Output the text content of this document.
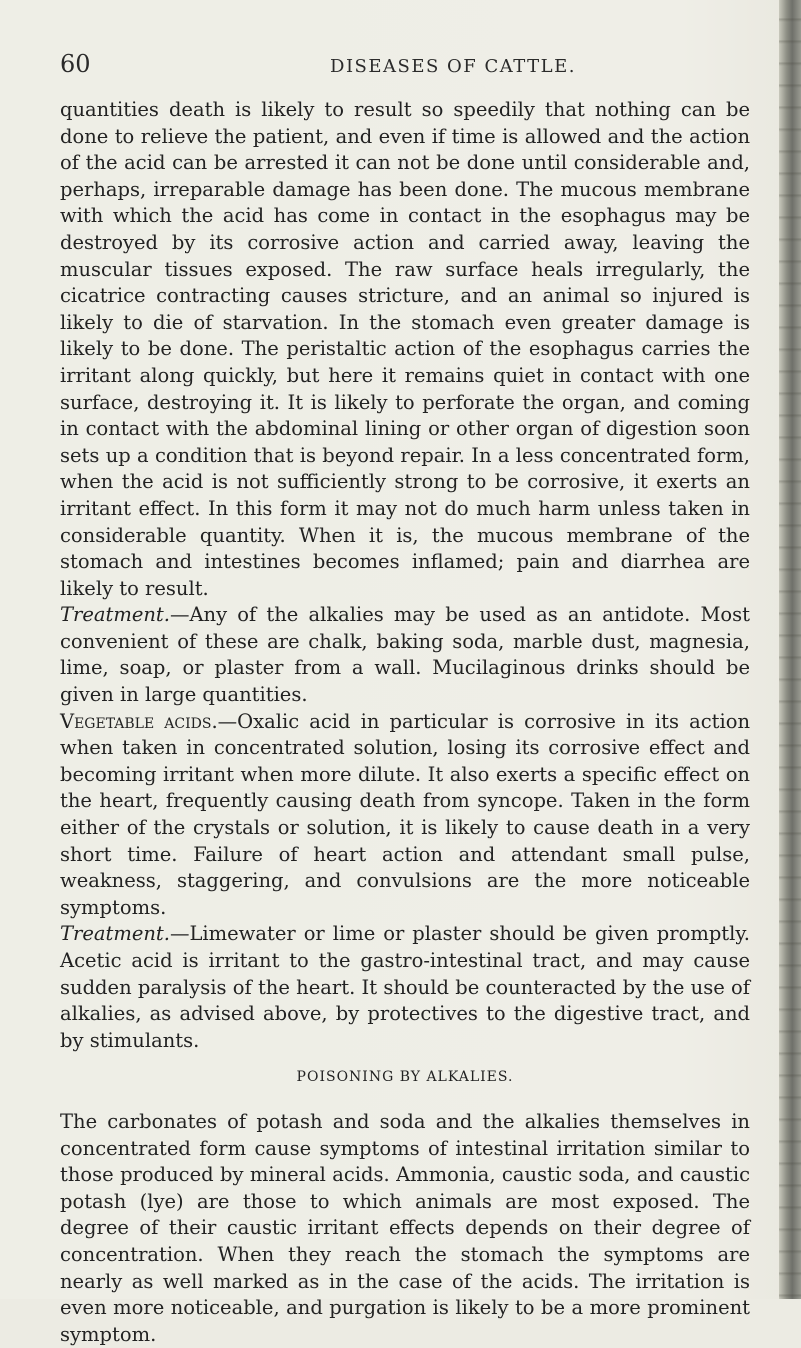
60	DISEASES OF CATTLE.

quantities death is likely to result so speedily that nothing can be done to relieve the patient, and even if time is allowed and the action of the acid can be arrested it can not be done until considerable and, perhaps, irreparable damage has been done. The mucous membrane with which the acid has come in contact in the esophagus may be destroyed by its corrosive action and carried away, leaving the muscular tissues exposed. The raw surface heals irregularly, the cicatrice contracting causes stricture, and an animal so injured is likely to die of starvation. In the stomach even greater damage is likely to be done. The peristaltic action of the esophagus carries the irritant along quickly, but here it remains quiet in contact with one surface, destroying it. It is likely to perforate the organ, and coming in contact with the abdominal lining or other organ of digestion soon sets up a condition that is beyond repair. In a less concentrated form, when the acid is not sufficiently strong to be corrosive, it exerts an irritant effect. In this form it may not do much harm unless taken in considerable quantity. When it is, the mucous membrane of the stomach and intestines becomes inflamed; pain and diarrhea are likely to result.

Treatment.—Any of the alkalies may be used as an antidote. Most convenient of these are chalk, baking soda, marble dust, magnesia, lime, soap, or plaster from a wall. Mucilaginous drinks should be given in large quantities.

Vegetable acids.—Oxalic acid in particular is corrosive in its action when taken in concentrated solution, losing its corrosive effect and becoming irritant when more dilute. It also exerts a specific effect on the heart, frequently causing death from syncope. Taken in the form either of the crystals or solution, it is likely to cause death in a very short time. Failure of heart action and attendant small pulse, weakness, staggering, and convulsions are the more noticeable symptoms.

Treatment.—Limewater or lime or plaster should be given promptly. Acetic acid is irritant to the gastro-intestinal tract, and may cause sudden paralysis of the heart. It should be counteracted by the use of alkalies, as advised above, by protectives to the digestive tract, and by stimulants.

POISONING BY ALKALIES.

The carbonates of potash and soda and the alkalies themselves in concentrated form cause symptoms of intestinal irritation similar to those produced by mineral acids. Ammonia, caustic soda, and caustic potash (lye) are those to which animals are most exposed. The degree of their caustic irritant effects depends on their degree of concentration. When they reach the stomach the symptoms are nearly as well marked as in the case of the acids. The irritation is even more noticeable, and purgation is likely to be a more prominent symptom.
